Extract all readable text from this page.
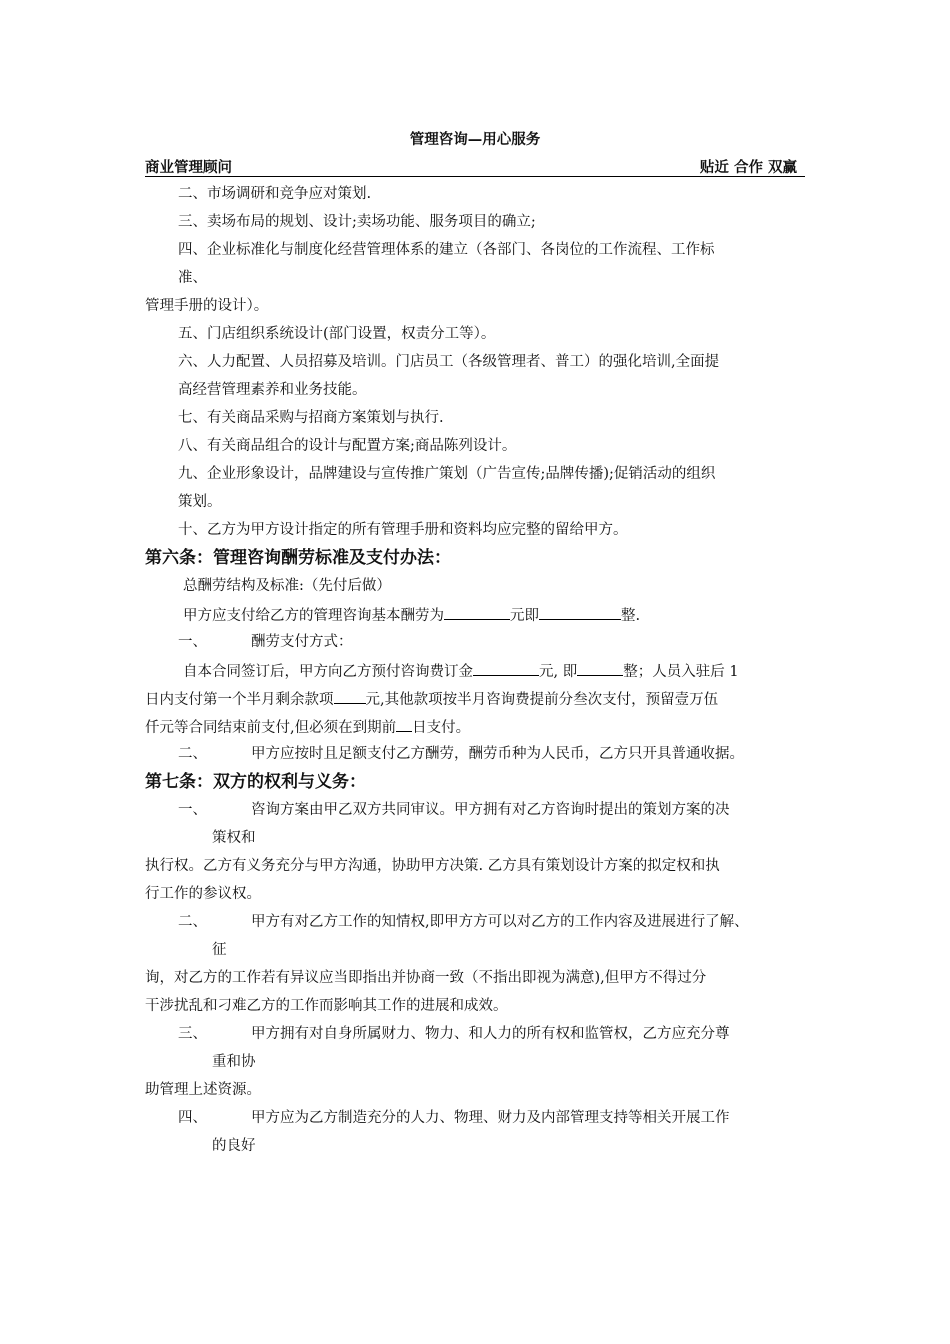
管理咨询—用心服务
商业管理顾问	贴近 合作 双赢
二、市场调研和竞争应对策划.
三、卖场布局的规划、设计;卖场功能、服务项目的确立;
四、企业标准化与制度化经营管理体系的建立（各部门、各岗位的工作流程、工作标
准、
管理手册的设计）。
五、门店组织系统设计(部门设置，权责分工等）。
六、人力配置、人员招募及培训。门店员工（各级管理者、普工）的强化培训,全面提
高经营管理素养和业务技能。
七、有关商品采购与招商方案策划与执行.
八、有关商品组合的设计与配置方案;商品陈列设计。
九、企业形象设计，品牌建设与宣传推广策划（广告宣传;品牌传播);促销活动的组织
策划。
十、乙方为甲方设计指定的所有管理手册和资料均应完整的留给甲方。
第六条：管理咨询酬劳标准及支付办法：
总酬劳结构及标准:（先付后做）
甲方应支付给乙方的管理咨询基本酬劳为	元即	整.
一、	酬劳支付方式：
自本合同签订后，甲方向乙方预付咨询费订金	元, 即	整；人员入驻后 1
日内支付第一个半月剩余款项 元,其他款项按半月咨询费提前分叁次支付，预留壹万伍
仟元等合同结束前支付,但必须在到期前 日支付。
二、	甲方应按时且足额支付乙方酬劳，酬劳币种为人民币，乙方只开具普通收据。
第七条：双方的权利与义务：
一、	咨询方案由甲乙双方共同审议。甲方拥有对乙方咨询时提出的策划方案的决
策权和
执行权。乙方有义务充分与甲方沟通，协助甲方决策. 乙方具有策划设计方案的拟定权和执
行工作的参议权。
二、	甲方有对乙方工作的知情权,即甲方方可以对乙方的工作内容及进展进行了解、
征
询，对乙方的工作若有异议应当即指出并协商一致（不指出即视为满意),但甲方不得过分
干涉扰乱和刁难乙方的工作而影响其工作的进展和成效。
三、	甲方拥有对自身所属财力、物力、和人力的所有权和监管权，乙方应充分尊
重和协
助管理上述资源。
四、	甲方应为乙方制造充分的人力、物理、财力及内部管理支持等相关开展工作
的良好
